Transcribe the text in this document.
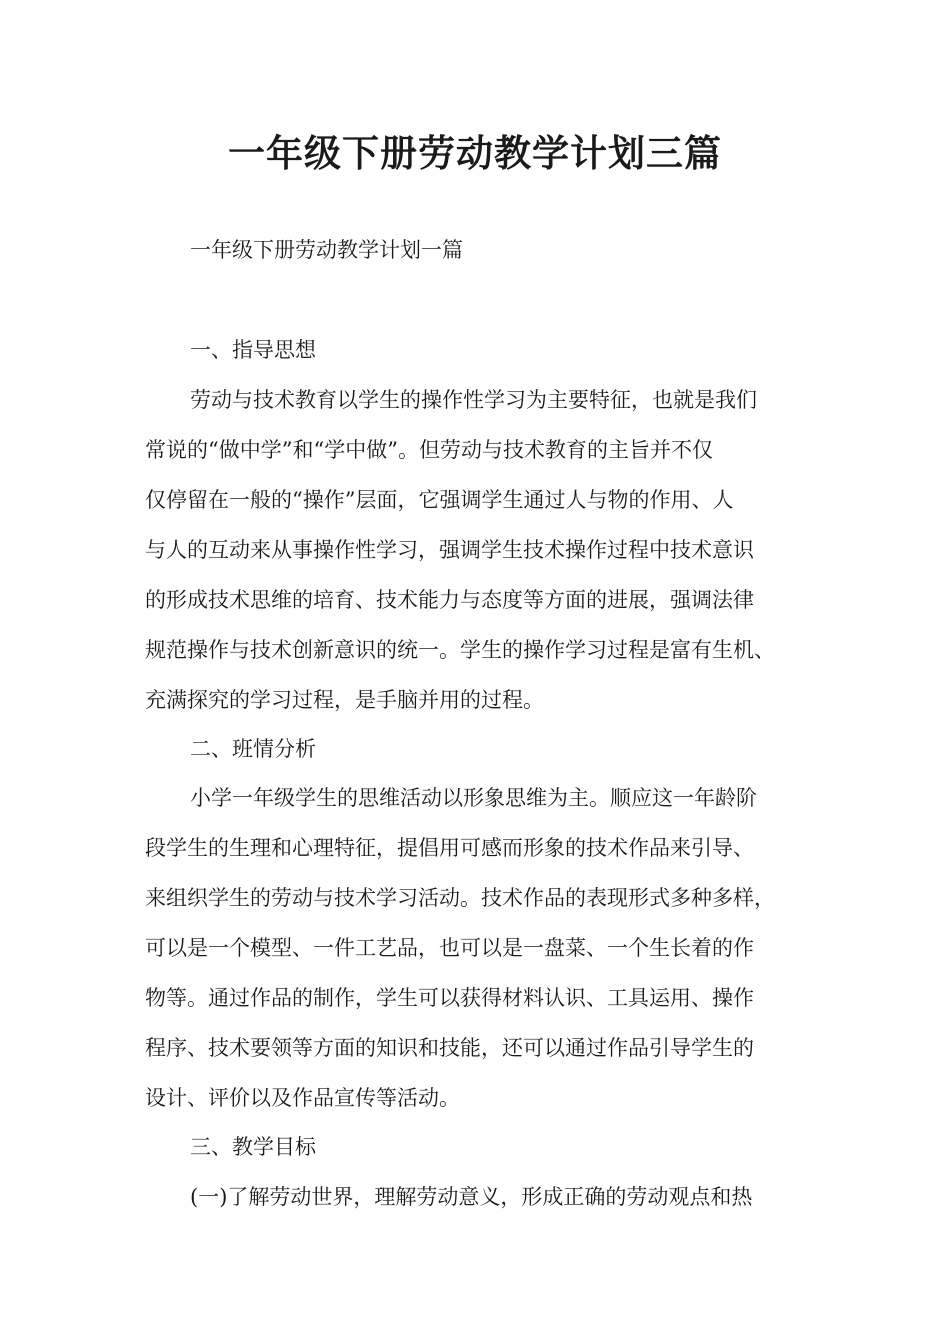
一年级下册劳动教学计划三篇

一年级下册劳动教学计划一篇

一、指导思想

劳动与技术教育以学生的操作性学习为主要特征，也就是我们
常说的“做中学”和“学中做”。但劳动与技术教育的主旨并不仅
仅停留在一般的“操作”层面，它强调学生通过人与物的作用、人
与人的互动来从事操作性学习，强调学生技术操作过程中技术意识
的形成技术思维的培育、技术能力与态度等方面的进展，强调法律
规范操作与技术创新意识的统一。学生的操作学习过程是富有生机、
充满探究的学习过程，是手脑并用的过程。

二、班情分析

小学一年级学生的思维活动以形象思维为主。顺应这一年龄阶
段学生的生理和心理特征，提倡用可感而形象的技术作品来引导、
来组织学生的劳动与技术学习活动。技术作品的表现形式多种多样，
可以是一个模型、一件工艺品，也可以是一盘菜、一个生长着的作
物等。通过作品的制作，学生可以获得材料认识、工具运用、操作
程序、技术要领等方面的知识和技能，还可以通过作品引导学生的
设计、评价以及作品宣传等活动。

三、教学目标

(一)了解劳动世界，理解劳动意义，形成正确的劳动观点和热
